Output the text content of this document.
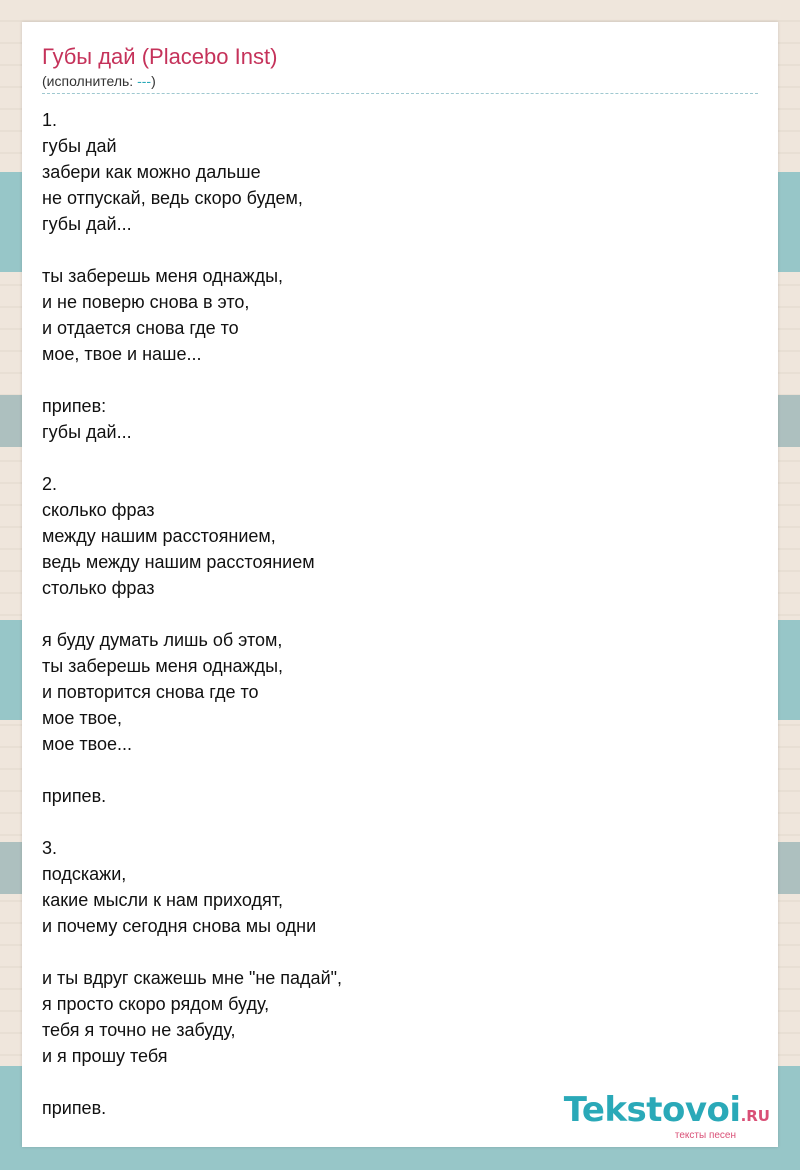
Губы дай (Placebo Inst)
(исполнитель: ---)
1.
губы дай
забери как можно дальше
не отпускай, ведь скоро будем,
губы дай...
ты заберешь меня однажды,
и не поверю снова в это,
и отдается снова где то
мое, твое и наше...
припев:
губы дай...
2.
сколько фраз
между нашим расстоянием,
ведь между нашим расстоянием
столько фраз
я буду думать лишь об этом,
ты заберешь меня однажды,
и повторится снова где то
мое твое,
мое твое...
припев.
3.
подскажи,
какие мысли к нам приходят,
и почему сегодня снова мы одни
и ты вдруг скажешь мне "не падай",
я просто скоро рядом буду,
тебя я точно не забуду,
и я прошу тебя
припев.	Tekstovoi.RU
тексты песен
